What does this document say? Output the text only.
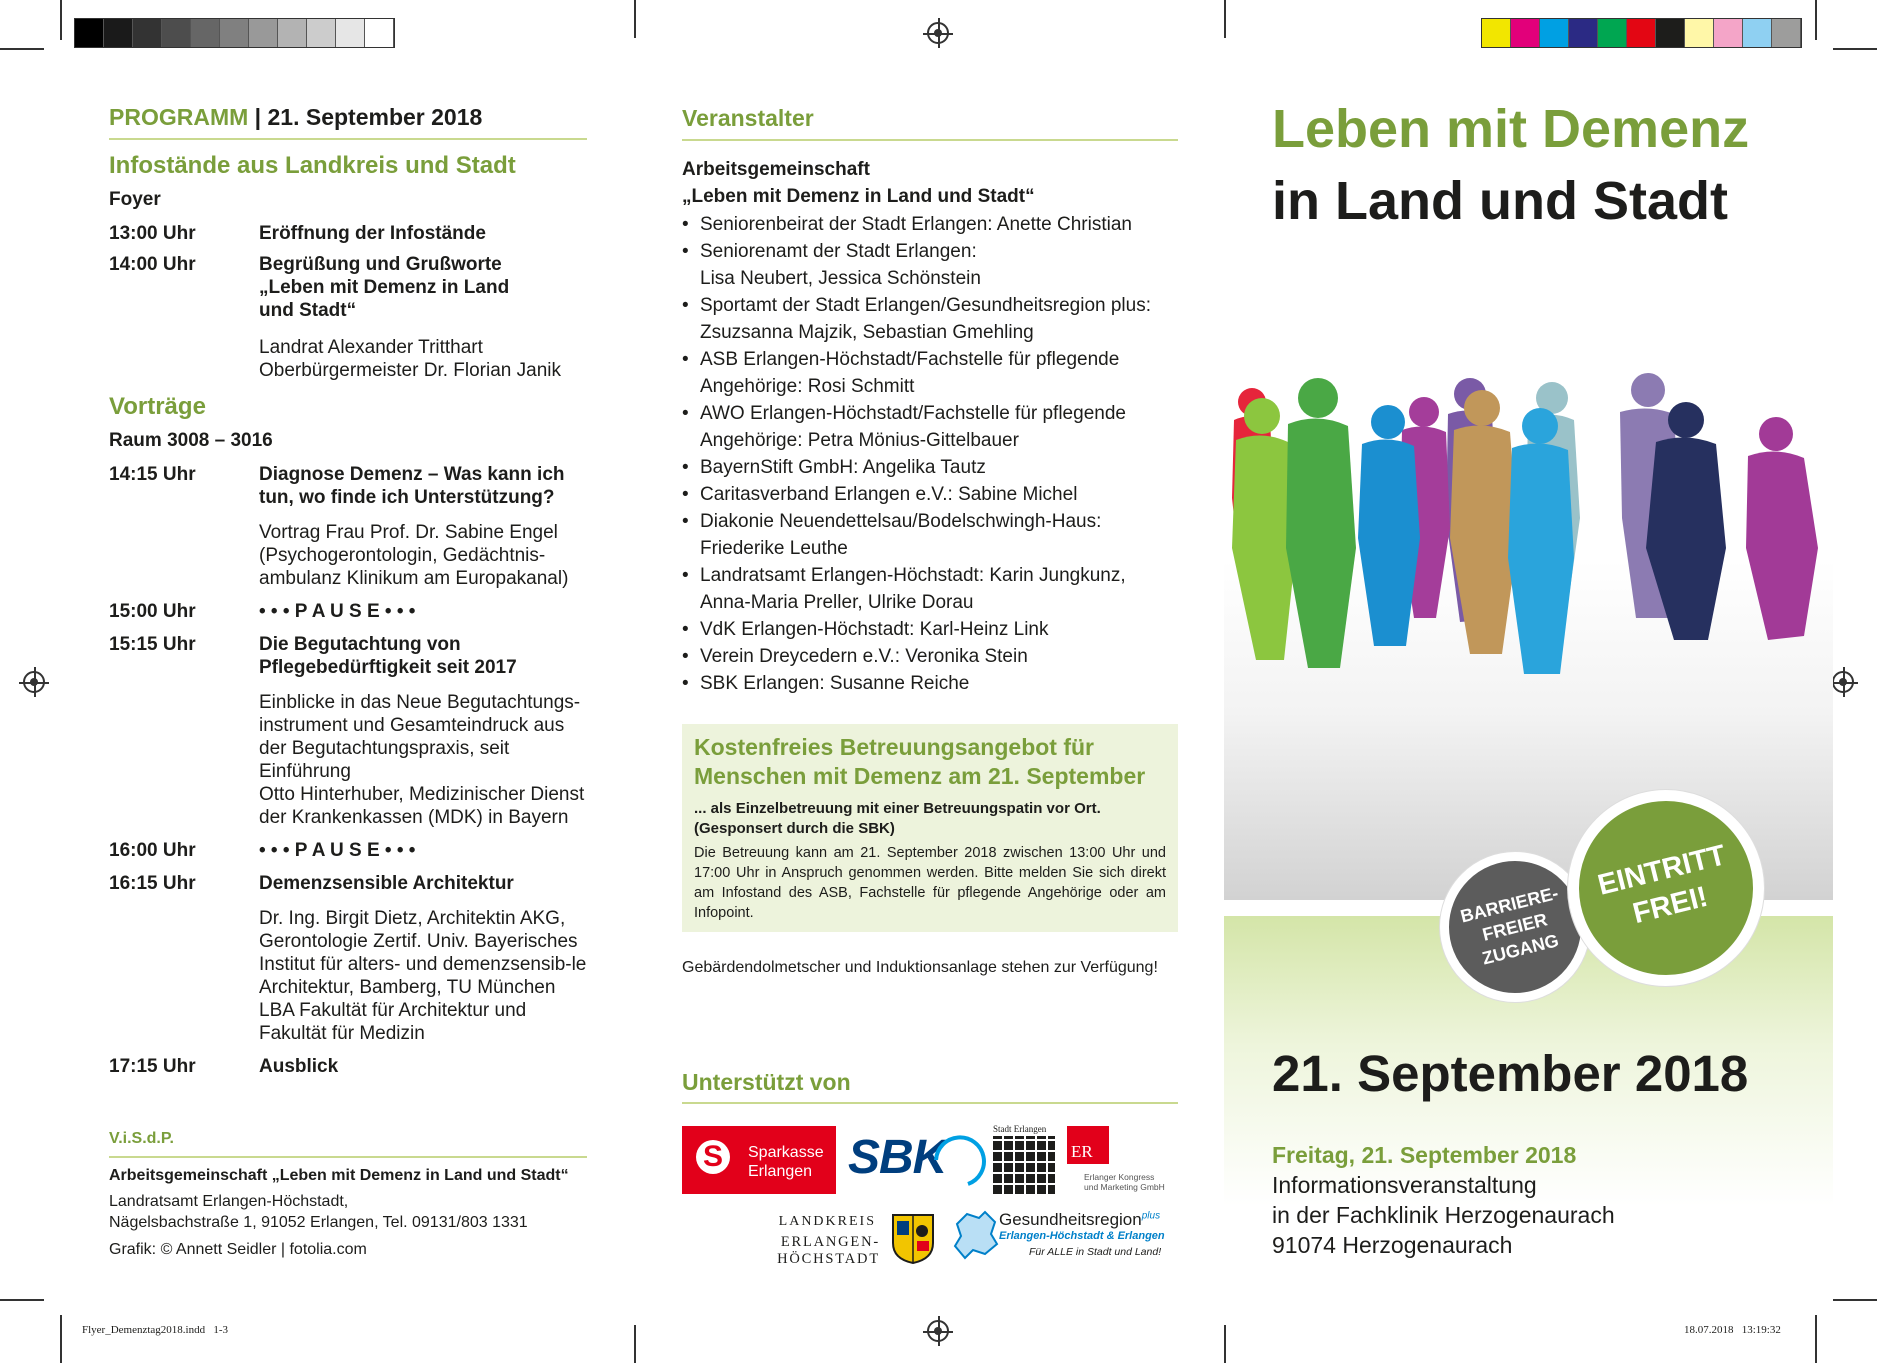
PROGRAMM | 21. September 2018
Infostände aus Landkreis und Stadt
Foyer
13:00 Uhr	Eröffnung der Infostände
14:00 Uhr	Begrüßung und Grußworte „Leben mit Demenz in Land und Stadt“
Landrat Alexander Tritthart
Oberbürgermeister Dr. Florian Janik
Vorträge
Raum 3008 – 3016
14:15 Uhr	Diagnose Demenz – Was kann ich tun, wo finde ich Unterstützung?
Vortrag Frau Prof. Dr. Sabine Engel (Psychogerontologin, Gedächtnis-ambulanz Klinikum am Europakanal)
15:00 Uhr	• • • P A U S E • • •
15:15 Uhr	Die Begutachtung von Pflegebedürftigkeit seit 2017
Einblicke in das Neue Begutachtungs-instrument und Gesamteindruck aus der Begutachtungspraxis, seit Einführung
Otto Hinterhuber, Medizinischer Dienst der Krankenkassen (MDK) in Bayern
16:00 Uhr	• • • P A U S E • • •
16:15 Uhr	Demenzsensible Architektur
Dr. Ing. Birgit Dietz, Architektin AKG, Gerontologie Zertif. Univ. Bayerisches Institut für alters- und demenzsensib-le Architektur, Bamberg, TU München LBA Fakultät für Architektur und Fakultät für Medizin
17:15 Uhr	Ausblick
V.i.S.d.P.
Arbeitsgemeinschaft „Leben mit Demenz in Land und Stadt“
Landratsamt Erlangen-Höchstadt,
Nägelsbachstraße 1, 91052 Erlangen, Tel. 09131/803 1331
Grafik: © Annett Seidler | fotolia.com
Veranstalter
Arbeitsgemeinschaft
„Leben mit Demenz in Land und Stadt“
• Seniorenbeirat der Stadt Erlangen: Anette Christian
• Seniorenamt der Stadt Erlangen: Lisa Neubert, Jessica Schönstein
• Sportamt der Stadt Erlangen/Gesundheitsregion plus: Zsuzsanna Majzik, Sebastian Gmehling
• ASB Erlangen-Höchstadt/Fachstelle für pflegende Angehörige: Rosi Schmitt
• AWO Erlangen-Höchstadt/Fachstelle für pflegende Angehörige: Petra Mönius-Gittelbauer
• BayernStift GmbH: Angelika Tautz
• Caritasverband Erlangen e.V.: Sabine Michel
• Diakonie Neuendettelsau/Bodelschwingh-Haus: Friederike Leuthe
• Landratsamt Erlangen-Höchstadt: Karin Jungkunz, Anna-Maria Preller, Ulrike Dorau
• VdK Erlangen-Höchstadt: Karl-Heinz Link
• Verein Dreycedern e.V.: Veronika Stein
• SBK Erlangen: Susanne Reiche
Kostenfreies Betreuungsangebot für Menschen mit Demenz am 21. September
... als Einzelbetreuung mit einer Betreuungspatin vor Ort. (Gesponsert durch die SBK)
Die Betreuung kann am 21. September 2018 zwischen 13:00 Uhr und 17:00 Uhr in Anspruch genommen werden. Bitte melden Sie sich direkt am Infostand des ASB, Fachstelle für pflegende Angehörige oder am Infopoint.
Gebärdendolmetscher und Induktionsanlage stehen zur Verfügung!
Unterstützt von
S	Sparkasse
Erlangen SBK
Stadt Erlangen
ER
Erlanger Kongress
und Marketing GmbH
LANDKREIS
ERLANGEN-HÖCHSTADT
Gesundheitsregion$^{plus}$
Erlangen-Höchstadt & Erlangen
Für ALLE in Stadt und Land!
Leben mit Demenz
in Land und Stadt
BARRIERE-FREIER ZUGANG
EINTRITT FREI!
21. September 2018
Freitag, 21. September 2018
Informationsveranstaltung
in der Fachklinik Herzogenaurach
91074 Herzogenaurach
Flyer_Demenztag2018.indd   1-3	18.07.2018   13:19:32
